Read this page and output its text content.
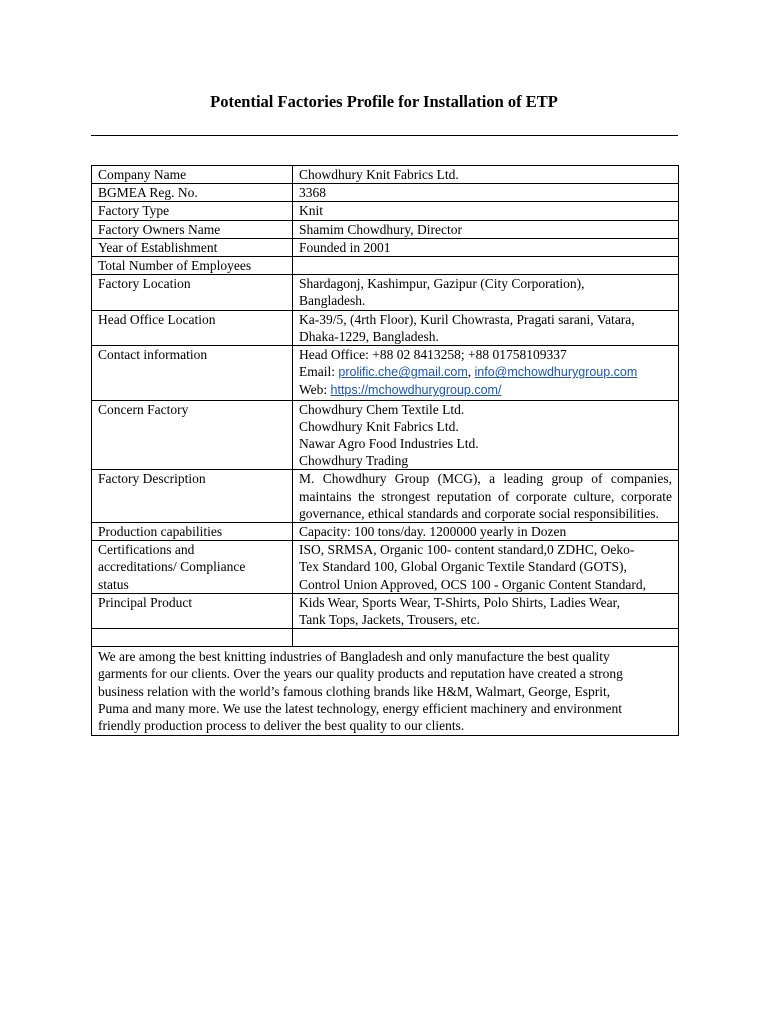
Potential Factories Profile for Installation of ETP
Company Name	Chowdhury Knit Fabrics Ltd.
BGMEA Reg. No.	3368
Factory Type	Knit
Factory Owners Name	Shamim Chowdhury, Director
Year of Establishment	Founded in 2001
Total Number of Employees	
Factory Location	Shardagonj, Kashimpur, Gazipur (City Corporation),
Bangladesh.

Head Office Location	Ka-39/5, (4rth Floor), Kuril Chowrasta, Pragati sarani, Vatara,
Dhaka-1229, Bangladesh.

Contact information	Head Office: +88 02 8413258; +88 01758109337
Email: prolific.che@gmail.com, info@mchowdhurygroup.com
Web: https://mchowdhurygroup.com/

Concern Factory	Chowdhury Chem Textile Ltd.
Chowdhury Knit Fabrics Ltd.
Nawar Agro Food Industries Ltd.
Chowdhury Trading

Factory Description	M. Chowdhury Group (MCG), a leading group of companies, maintains the strongest reputation of corporate culture, corporate governance, ethical standards and corporate social responsibilities.
Production capabilities	Capacity: 100 tons/day. 1200000 yearly in Dozen

Certifications and
accreditations/ Compliance
status	ISO, SRMSA, Organic 100- content standard,0 ZDHC, Oeko-
Tex Standard 100, Global Organic Textile Standard (GOTS),
Control Union Approved, OCS 100 - Organic Content Standard,

Principal Product	Kids Wear, Sports Wear, T-Shirts, Polo Shirts, Ladies Wear,
Tank Tops, Jackets, Trousers, etc.

We are among the best knitting industries of Bangladesh and only manufacture the best quality
garments for our clients. Over the years our quality products and reputation have created a strong
business relation with the world’s famous clothing brands like H&M, Walmart, George, Esprit,
Puma and many more. We use the latest technology, energy efficient machinery and environment
friendly production process to deliver the best quality to our clients.	
